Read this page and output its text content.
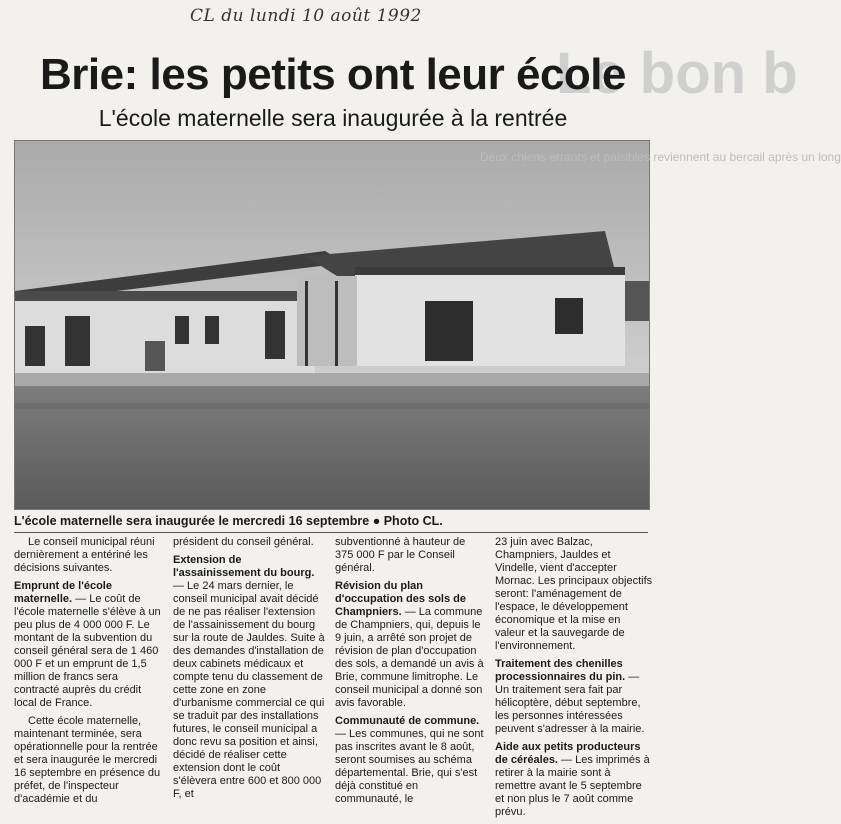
CL du lundi 10 août 1992
Le bon b
Brie: les petits ont leur école
L'école maternelle sera inaugurée à la rentrée
Deux chiens errants et paisibles reviennent au bercail après un long
L'école maternelle sera inaugurée le mercredi 16 septembre ● Photo CL.

Le conseil municipal réuni dernièrement a entériné les décisions suivantes.

Emprunt de l'école maternelle. — Le coût de l'école maternelle s'élève à un peu plus de 4 000 000 F. Le montant de la subvention du conseil général sera de 1 460 000 F et un emprunt de 1,5 million de francs sera contracté auprès du crédit local de France.

Cette école maternelle, maintenant terminée, sera opérationnelle pour la rentrée et sera inaugurée le mercredi 16 septembre en présence du préfet, de l'inspecteur d'académie et du

président du conseil général.

Extension de l'assainissement du bourg. — Le 24 mars dernier, le conseil municipal avait décidé de ne pas réaliser l'extension de l'assainissement du bourg sur la route de Jauldes. Suite à des demandes d'installation de deux cabinets médicaux et compte tenu du classement de cette zone en zone d'urbanisme commercial ce qui se traduit par des installations futures, le conseil municipal a donc revu sa position et ainsi, décidé de réaliser cette extension dont le coût s'élèvera entre 600 et 800 000 F, et

subventionné à hauteur de 375 000 F par le Conseil général.

Révision du plan d'occupation des sols de Champniers. — La commune de Champniers, qui, depuis le 9 juin, a arrêté son projet de révision de plan d'occupation des sols, a demandé un avis à Brie, commune limitrophe. Le conseil municipal a donné son avis favorable.

Communauté de commune. — Les communes, qui ne sont pas inscrites avant le 8 août, seront soumises au schéma départemental. Brie, qui s'est déjà constitué en communauté, le

23 juin avec Balzac, Champniers, Jauldes et Vindelle, vient d'accepter Mornac. Les principaux objectifs seront: l'aménagement de l'espace, le développement économique et la mise en valeur et la sauvegarde de l'environnement.

Traitement des chenilles processionnaires du pin. — Un traitement sera fait par hélicoptère, début septembre, les personnes intéressées peuvent s'adresser à la mairie.

Aide aux petits producteurs de céréales. — Les imprimés à retirer à la mairie sont à remettre avant le 5 septembre et non plus le 7 août comme prévu.
